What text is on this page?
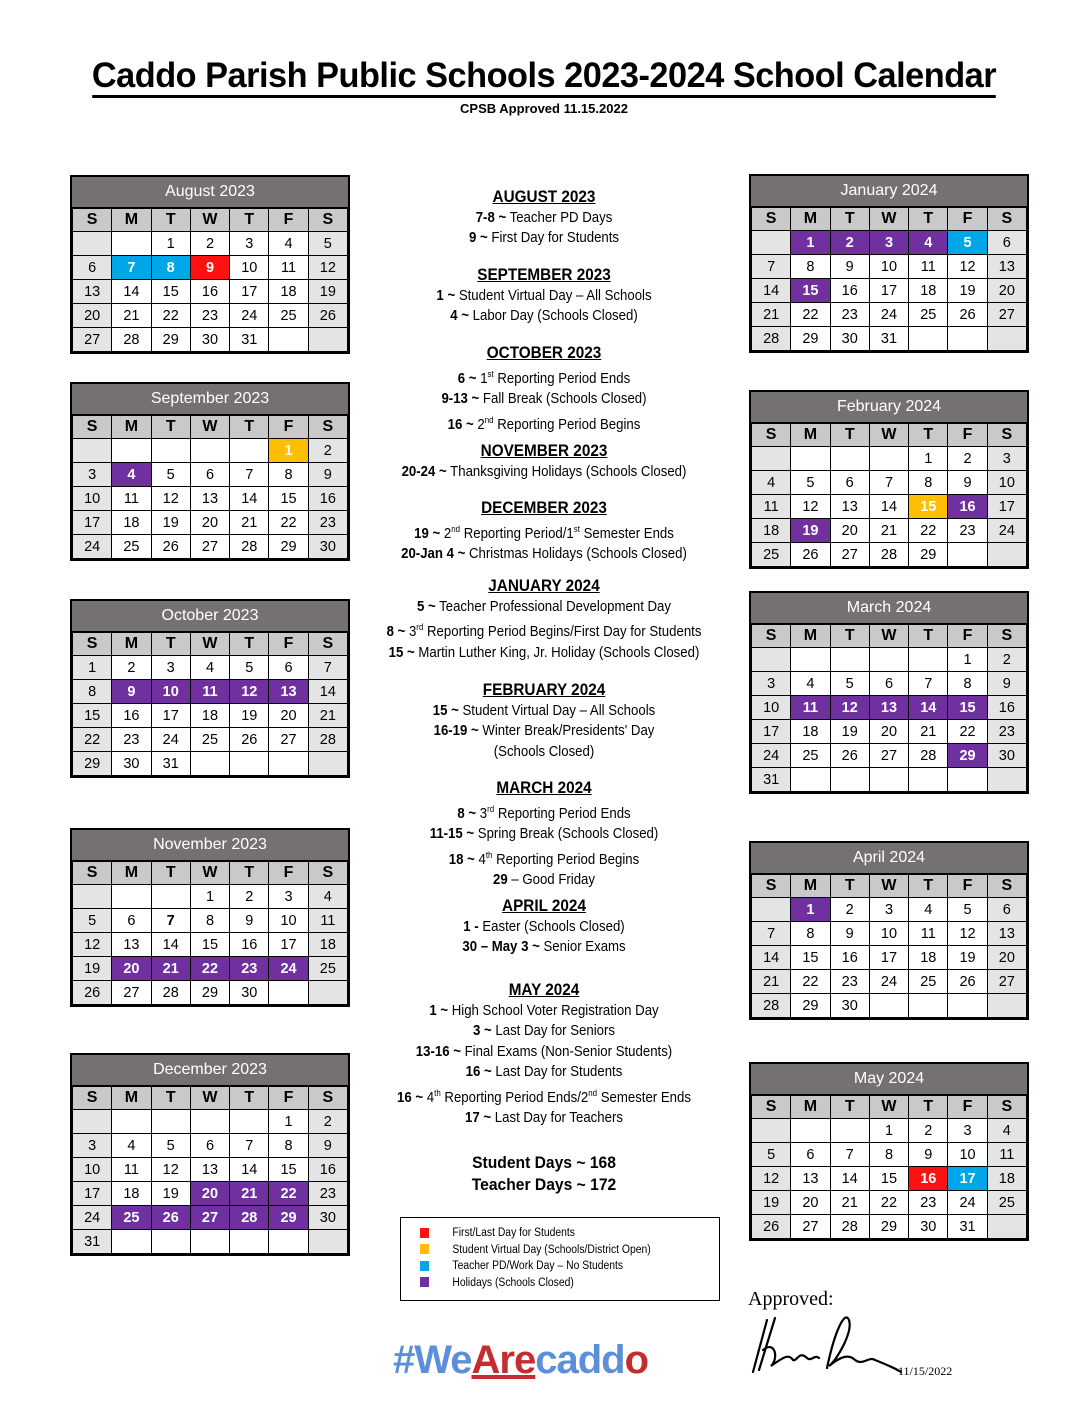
Caddo Parish Public Schools 2023-2024 School Calendar
CPSB Approved 11.15.2022
August 2023
S	M	T	W	T	F	S
		1	2	3	4	5
6	7	8	9	10	11	12
13	14	15	16	17	18	19
20	21	22	23	24	25	26
27	28	29	30	31		
September 2023
S	M	T	W	T	F	S
					1	2
3	4	5	6	7	8	9
10	11	12	13	14	15	16
17	18	19	20	21	22	23
24	25	26	27	28	29	30
October 2023
S	M	T	W	T	F	S
1	2	3	4	5	6	7
8	9	10	11	12	13	14
15	16	17	18	19	20	21
22	23	24	25	26	27	28
29	30	31				
November 2023
S	M	T	W	T	F	S
			1	2	3	4
5	6	7	8	9	10	11
12	13	14	15	16	17	18
19	20	21	22	23	24	25
26	27	28	29	30		
December 2023
S	M	T	W	T	F	S
					1	2
3	4	5	6	7	8	9
10	11	12	13	14	15	16
17	18	19	20	21	22	23
24	25	26	27	28	29	30
31						
January 2024
S	M	T	W	T	F	S
	1	2	3	4	5	6
7	8	9	10	11	12	13
14	15	16	17	18	19	20
21	22	23	24	25	26	27
28	29	30	31			
February 2024
S	M	T	W	T	F	S
				1	2	3
4	5	6	7	8	9	10
11	12	13	14	15	16	17
18	19	20	21	22	23	24
25	26	27	28	29		
March 2024
S	M	T	W	T	F	S
					1	2
3	4	5	6	7	8	9
10	11	12	13	14	15	16
17	18	19	20	21	22	23
24	25	26	27	28	29	30
31						
April 2024
S	M	T	W	T	F	S
	1	2	3	4	5	6
7	8	9	10	11	12	13
14	15	16	17	18	19	20
21	22	23	24	25	26	27
28	29	30				
May 2024
S	M	T	W	T	F	S
			1	2	3	4
5	6	7	8	9	10	11
12	13	14	15	16	17	18
19	20	21	22	23	24	25
26	27	28	29	30	31	
AUGUST 2023
7-8 ~ Teacher PD Days
9 ~ First Day for Students
SEPTEMBER 2023
1 ~ Student Virtual Day – All Schools
4 ~ Labor Day (Schools Closed)
OCTOBER 2023
6 ~ 1st Reporting Period Ends
9-13 ~ Fall Break (Schools Closed)
16 ~ 2nd Reporting Period Begins
NOVEMBER 2023
20-24 ~ Thanksgiving Holidays (Schools Closed)
DECEMBER 2023
19 ~ 2nd Reporting Period/1st Semester Ends
20-Jan 4 ~ Christmas Holidays (Schools Closed)
JANUARY 2024
5 ~ Teacher Professional Development Day
8 ~ 3rd Reporting Period Begins/First Day for Students
15 ~ Martin Luther King, Jr. Holiday (Schools Closed)
FEBRUARY 2024
15 ~ Student Virtual Day – All Schools
16-19 ~ Winter Break/Presidents' Day
(Schools Closed)
MARCH 2024
8 ~ 3rd Reporting Period Ends
11-15 ~ Spring Break (Schools Closed)
18 ~ 4th Reporting Period Begins
29 – Good Friday
APRIL 2024
1 - Easter (Schools Closed)
30 – May 3 ~ Senior Exams
MAY 2024
1 ~ High School Voter Registration Day
3 ~ Last Day for Seniors
13-16 ~ Final Exams (Non-Senior Students)
16 ~ Last Day for Students
16 ~ 4th Reporting Period Ends/2nd Semester Ends
17 ~ Last Day for Teachers
Student Days ~ 168
Teacher Days ~ 172
First/Last Day for Students
Student Virtual Day (Schools/District Open)
Teacher PD/Work Day – No Students
Holidays (Schools Closed)
Approved:
11/15/2022
#WeArecaddo
